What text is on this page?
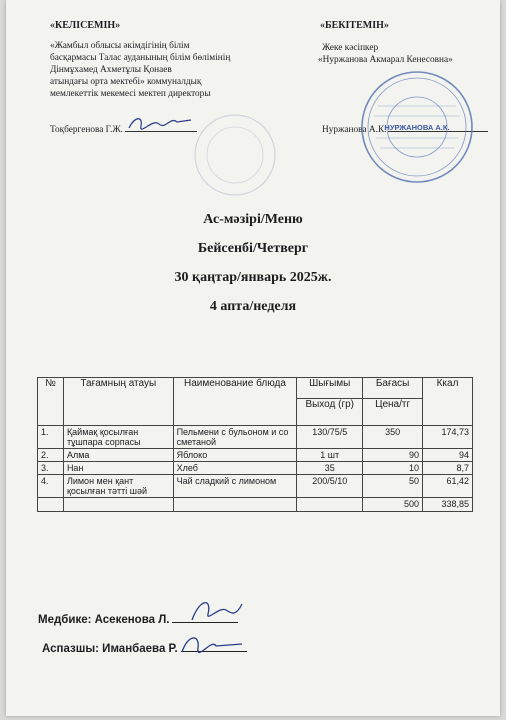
«КЕЛІСЕМІН»	«БЕКІТЕМІН»
«Жамбыл облысы әкімдігінің білім
басқармасы Талас ауданының білім бөлімінің
Дінмұхамед Ахметұлы Қонаев
атындағы орта мектебі» коммуналдық
мемлекеттік мекемесі мектеп директоры
Жеке кәсіпкер
«Нуржанова Акмарал Кенесовна»
Тоқбергенова Г.Ж.	Нуржанова А.К.
НУРЖАНОВА А.К.
Ас-мәзірі/Меню
Бейсенбі/Четверг
30 қаңтар/январь 2025ж.
4 апта/неделя
№	Тағамның атауы	Наименование блюда	Шығымы	Бағасы	Ккал
			Выход (гр)	Цена/тг	
1.	Қаймақ қосылған тұшпара сорпасы	Пельмени с бульоном и со сметаной	130/75/5	350	174,73
2.	Алма	Яблоко	1 шт	90	94
3.	Нан	Хлеб	35	10	8,7
4.	Лимон мен қант қосылған тәтті шәй	Чай сладкий с лимоном	200/5/10	50	61,42
				500	338,85
Медбике: Асекенова Л.
Аспазшы: Иманбаева Р.
